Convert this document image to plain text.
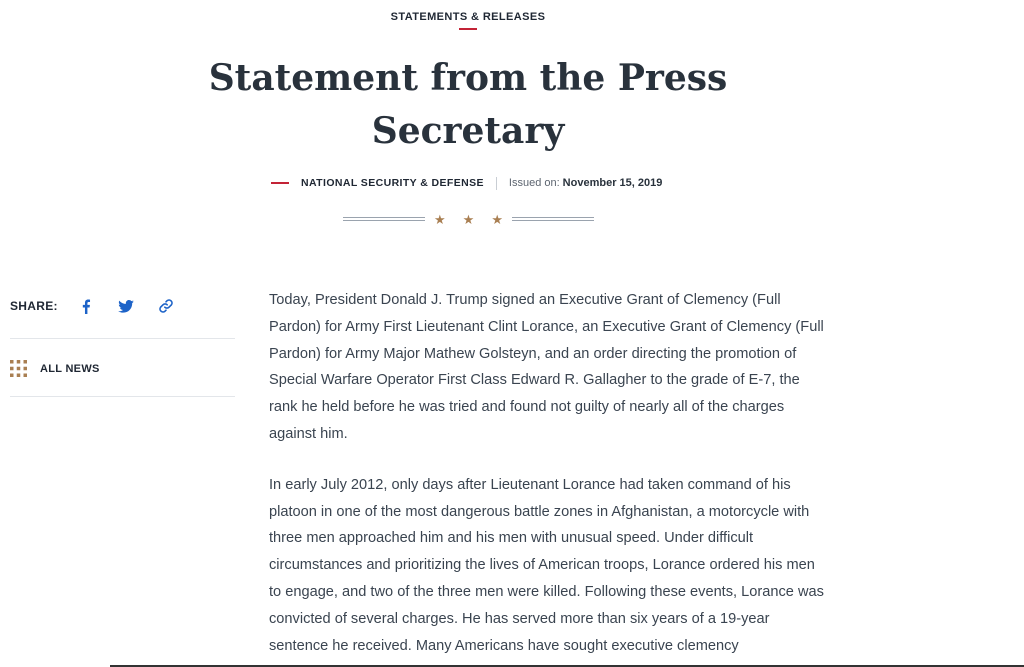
STATEMENTS & RELEASES
Statement from the Press Secretary
NATIONAL SECURITY & DEFENSE Issued on: November 15, 2019
★ ★ ★
SHARE:
ALL NEWS

Today, President Donald J. Trump signed an Executive Grant of Clemency (Full Pardon) for Army First Lieutenant Clint Lorance, an Executive Grant of Clemency (Full Pardon) for Army Major Mathew Golsteyn, and an order directing the promotion of Special Warfare Operator First Class Edward R. Gallagher to the grade of E-7, the rank he held before he was tried and found not guilty of nearly all of the charges against him.

In early July 2012, only days after Lieutenant Lorance had taken command of his platoon in one of the most dangerous battle zones in Afghanistan, a motorcycle with three men approached him and his men with unusual speed. Under difficult circumstances and prioritizing the lives of American troops, Lorance ordered his men to engage, and two of the three men were killed. Following these events, Lorance was convicted of several charges. He has served more than six years of a 19-year sentence he received. Many Americans have sought executive clemency
